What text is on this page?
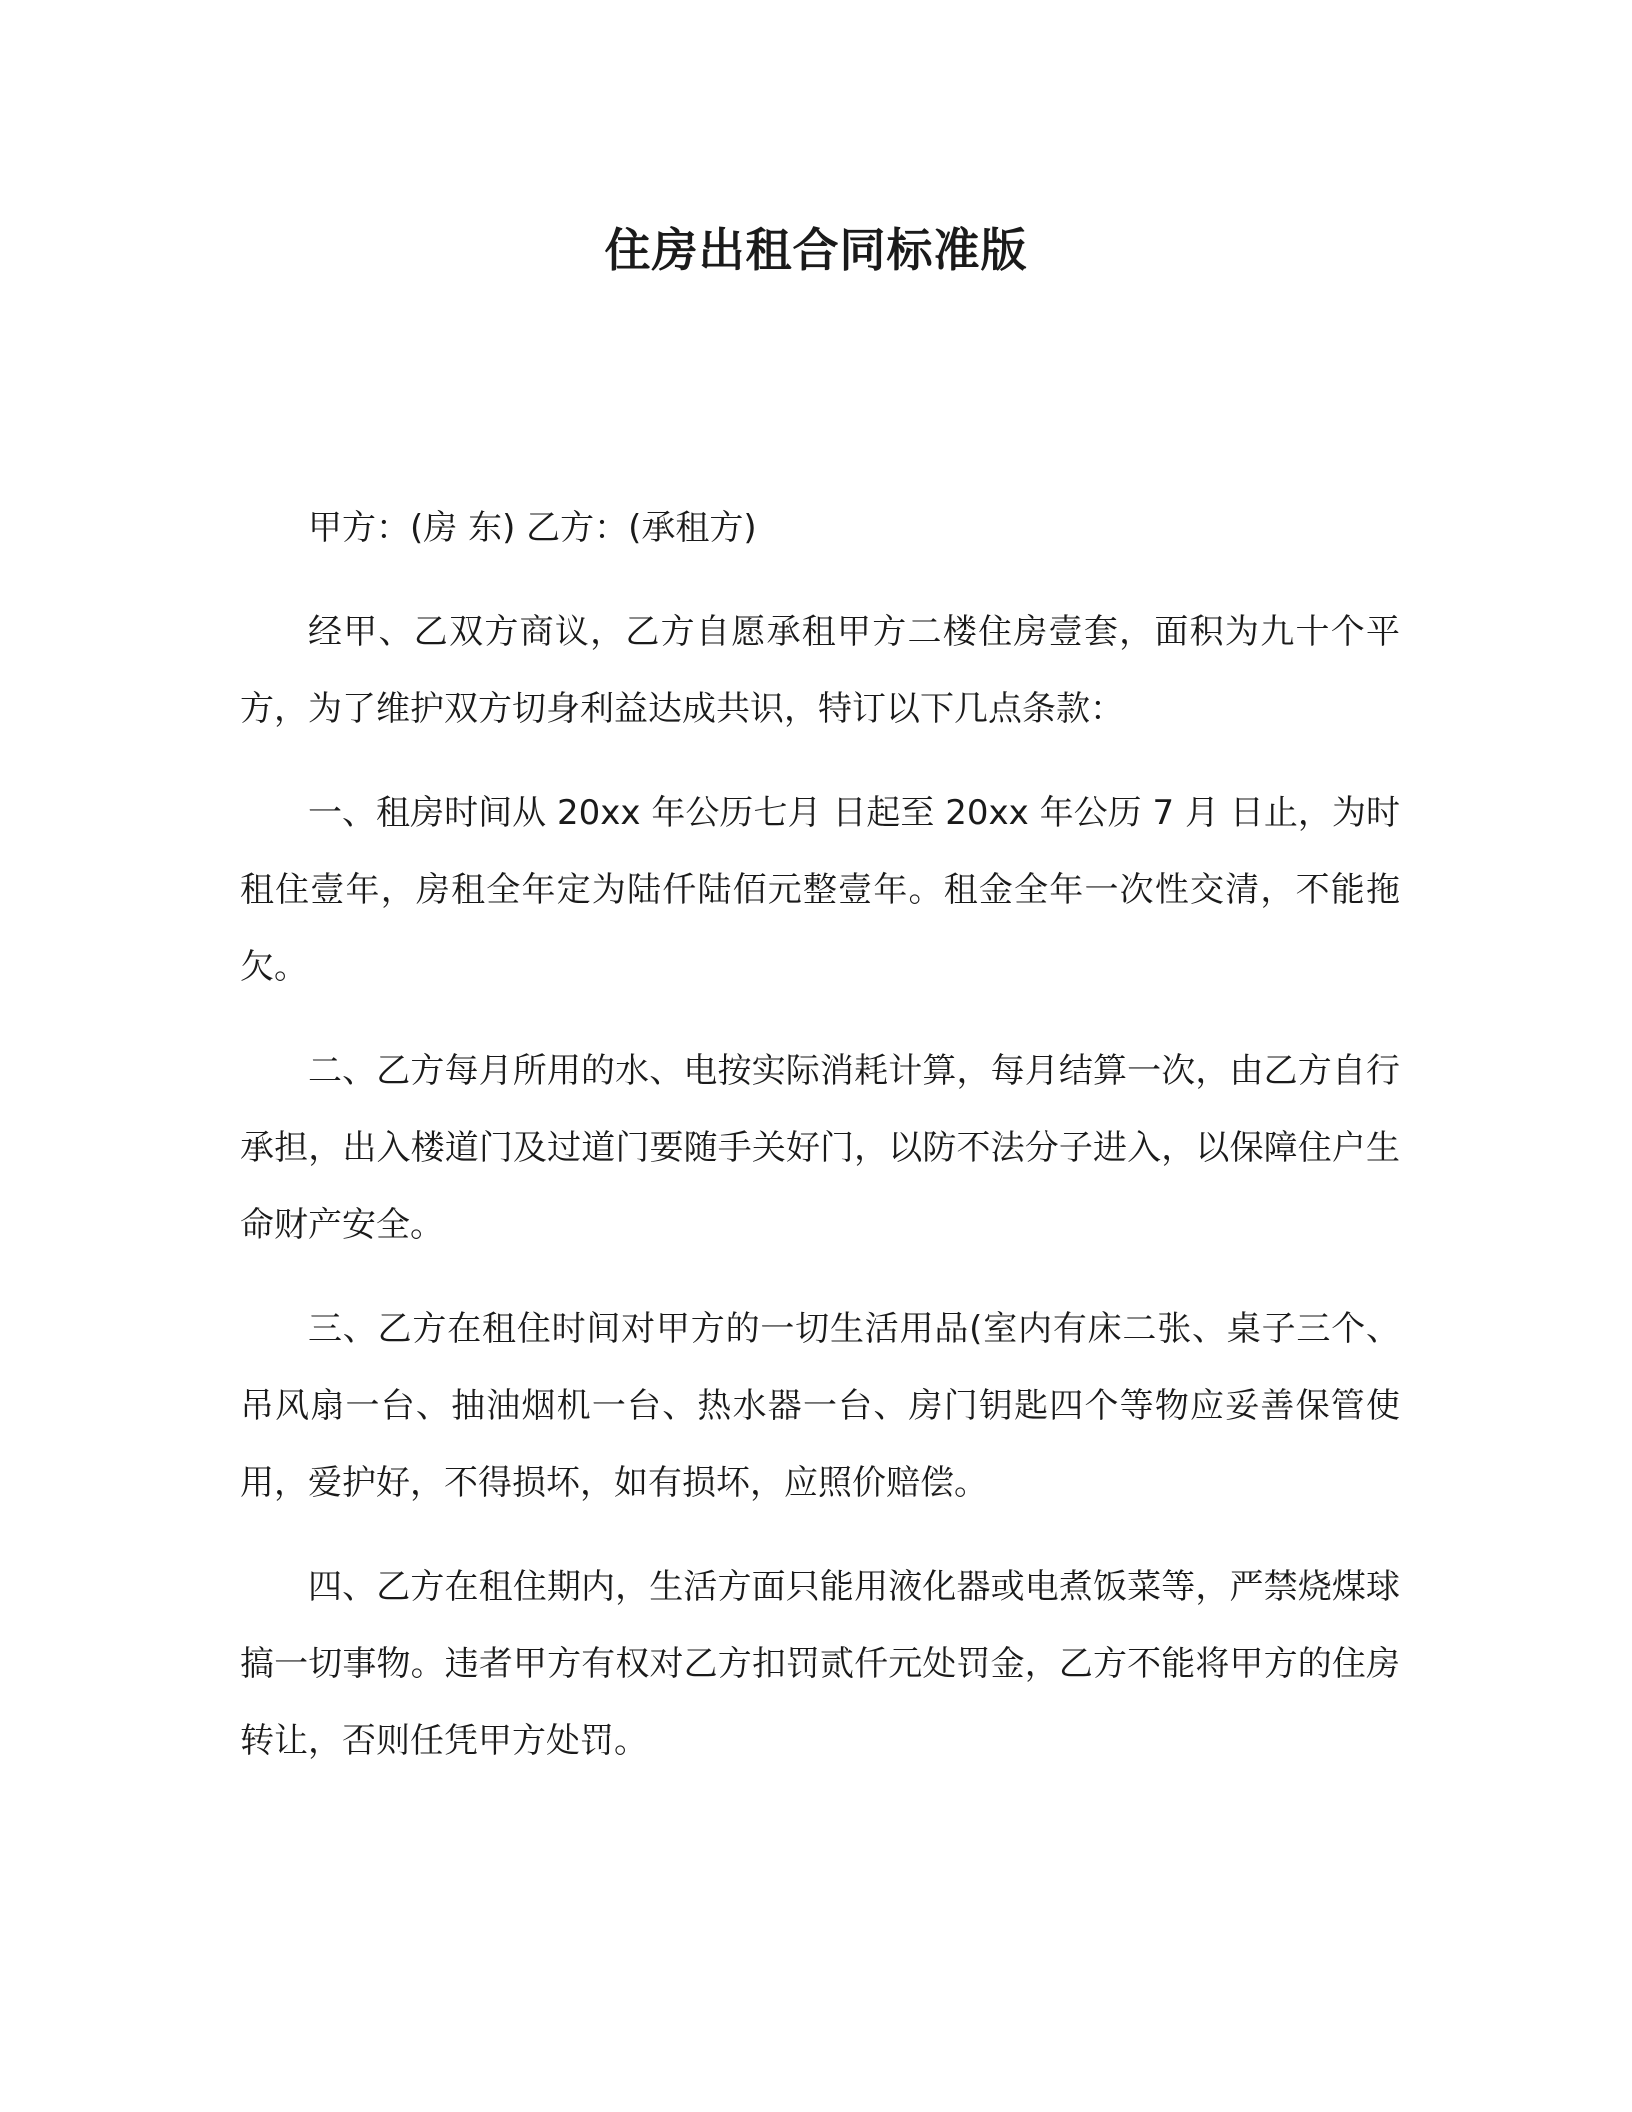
住房出租合同标准版

甲方：(房 东) 乙方：(承租方)

经甲、乙双方商议，乙方自愿承租甲方二楼住房壹套，面积为九十个平方，为了维护双方切身利益达成共识，特订以下几点条款：

一、租房时间从 20xx 年公历七月 日起至 20xx 年公历 7 月 日止，为时租住壹年，房租全年定为陆仟陆佰元整壹年。租金全年一次性交清，不能拖欠。

二、乙方每月所用的水、电按实际消耗计算，每月结算一次，由乙方自行承担，出入楼道门及过道门要随手关好门，以防不法分子进入，以保障住户生命财产安全。

三、乙方在租住时间对甲方的一切生活用品(室内有床二张、桌子三个、吊风扇一台、抽油烟机一台、热水器一台、房门钥匙四个等物应妥善保管使用，爱护好，不得损坏，如有损坏，应照价赔偿。

四、乙方在租住期内，生活方面只能用液化器或电煮饭菜等，严禁烧煤球搞一切事物。违者甲方有权对乙方扣罚贰仟元处罚金，乙方不能将甲方的住房转让，否则任凭甲方处罚。
